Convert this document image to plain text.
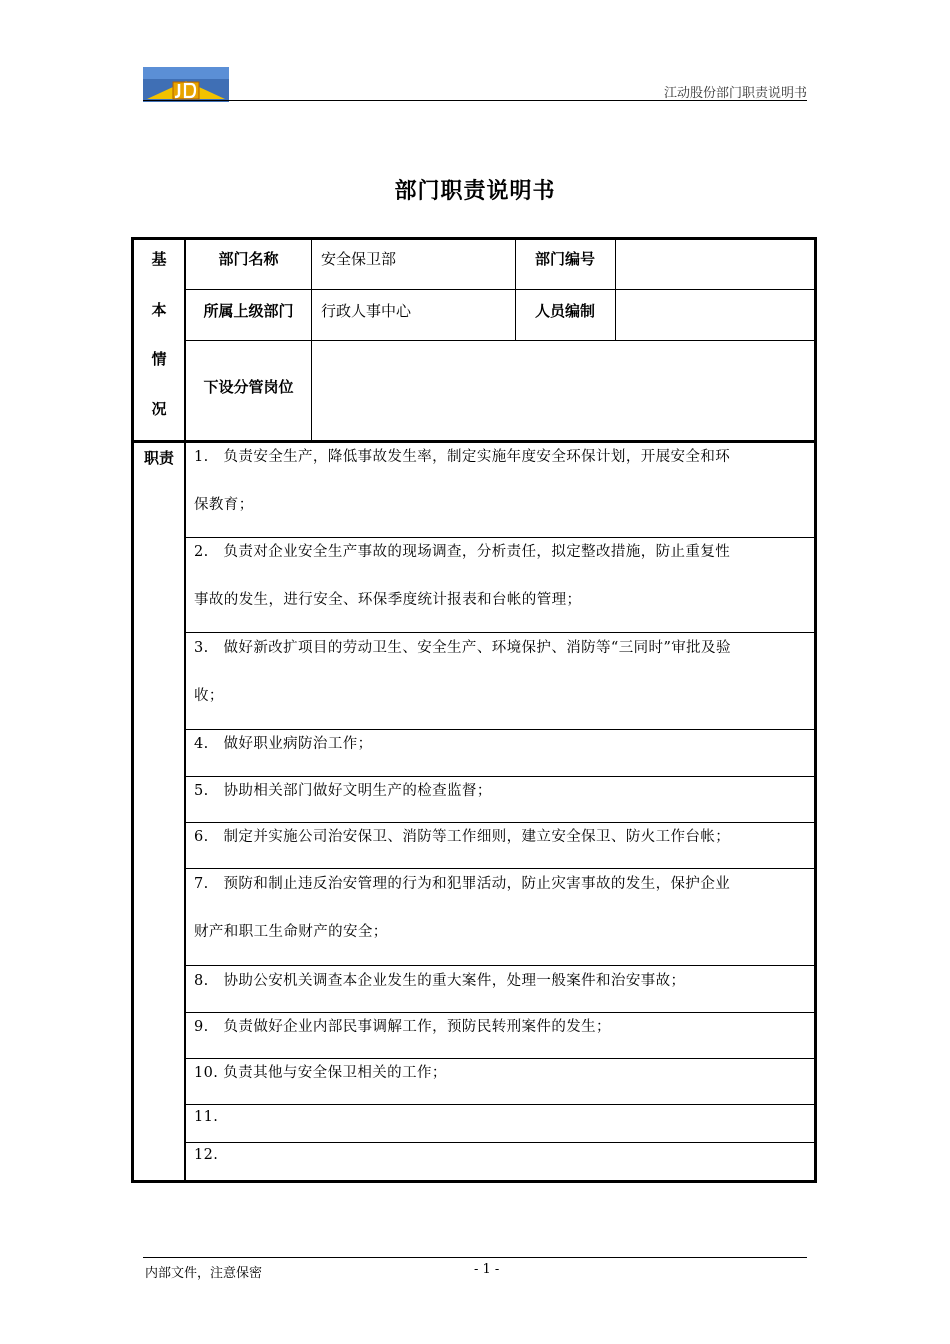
江动股份部门职责说明书
部门职责说明书
基
本
情
况
部门名称	安全保卫部	部门编号
所属上级部门	行政人事中心	人员编制
下设分管岗位
职责	1.　负责安全生产，降低事故发生率，制定实施年度安全环保计划，开展安全和环
保教育；
2.　负责对企业安全生产事故的现场调查，分析责任，拟定整改措施，防止重复性
事故的发生，进行安全、环保季度统计报表和台帐的管理；
3.　做好新改扩项目的劳动卫生、安全生产、环境保护、消防等“三同时”审批及验
收；
4.　做好职业病防治工作；
5.　协助相关部门做好文明生产的检查监督；
6.　制定并实施公司治安保卫、消防等工作细则，建立安全保卫、防火工作台帐；
7.　预防和制止违反治安管理的行为和犯罪活动，防止灾害事故的发生，保护企业
财产和职工生命财产的安全；
8.　协助公安机关调查本企业发生的重大案件，处理一般案件和治安事故；
9.　负责做好企业内部民事调解工作，预防民转刑案件的发生；
10. 负责其他与安全保卫相关的工作；
11.
12.
内部文件，注意保密	- 1 -
